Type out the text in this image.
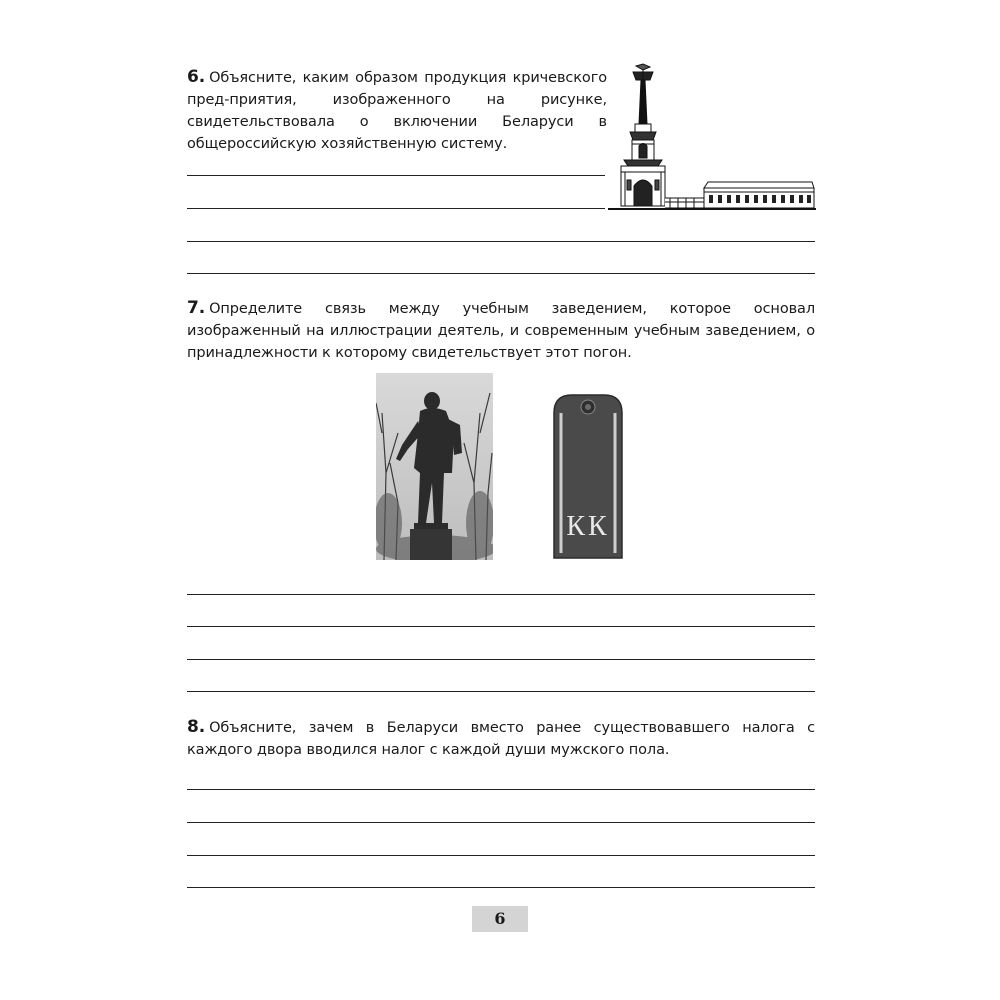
6. Объясните, каким образом продукция кричевского пред-приятия, изображенного на рисунке, свидетельствовала о включении Беларуси в общероссийскую хозяйственную систему.
7. Определите связь между учебным заведением, которое основал изображенный на иллюстрации деятель, и современным учебным заведением, о принадлежности к которому свидетельствует этот погон.
КК
8. Объясните, зачем в Беларуси вместо ранее существовавшего налога с каждого двора вводился налог с каждой души мужского пола.
6
